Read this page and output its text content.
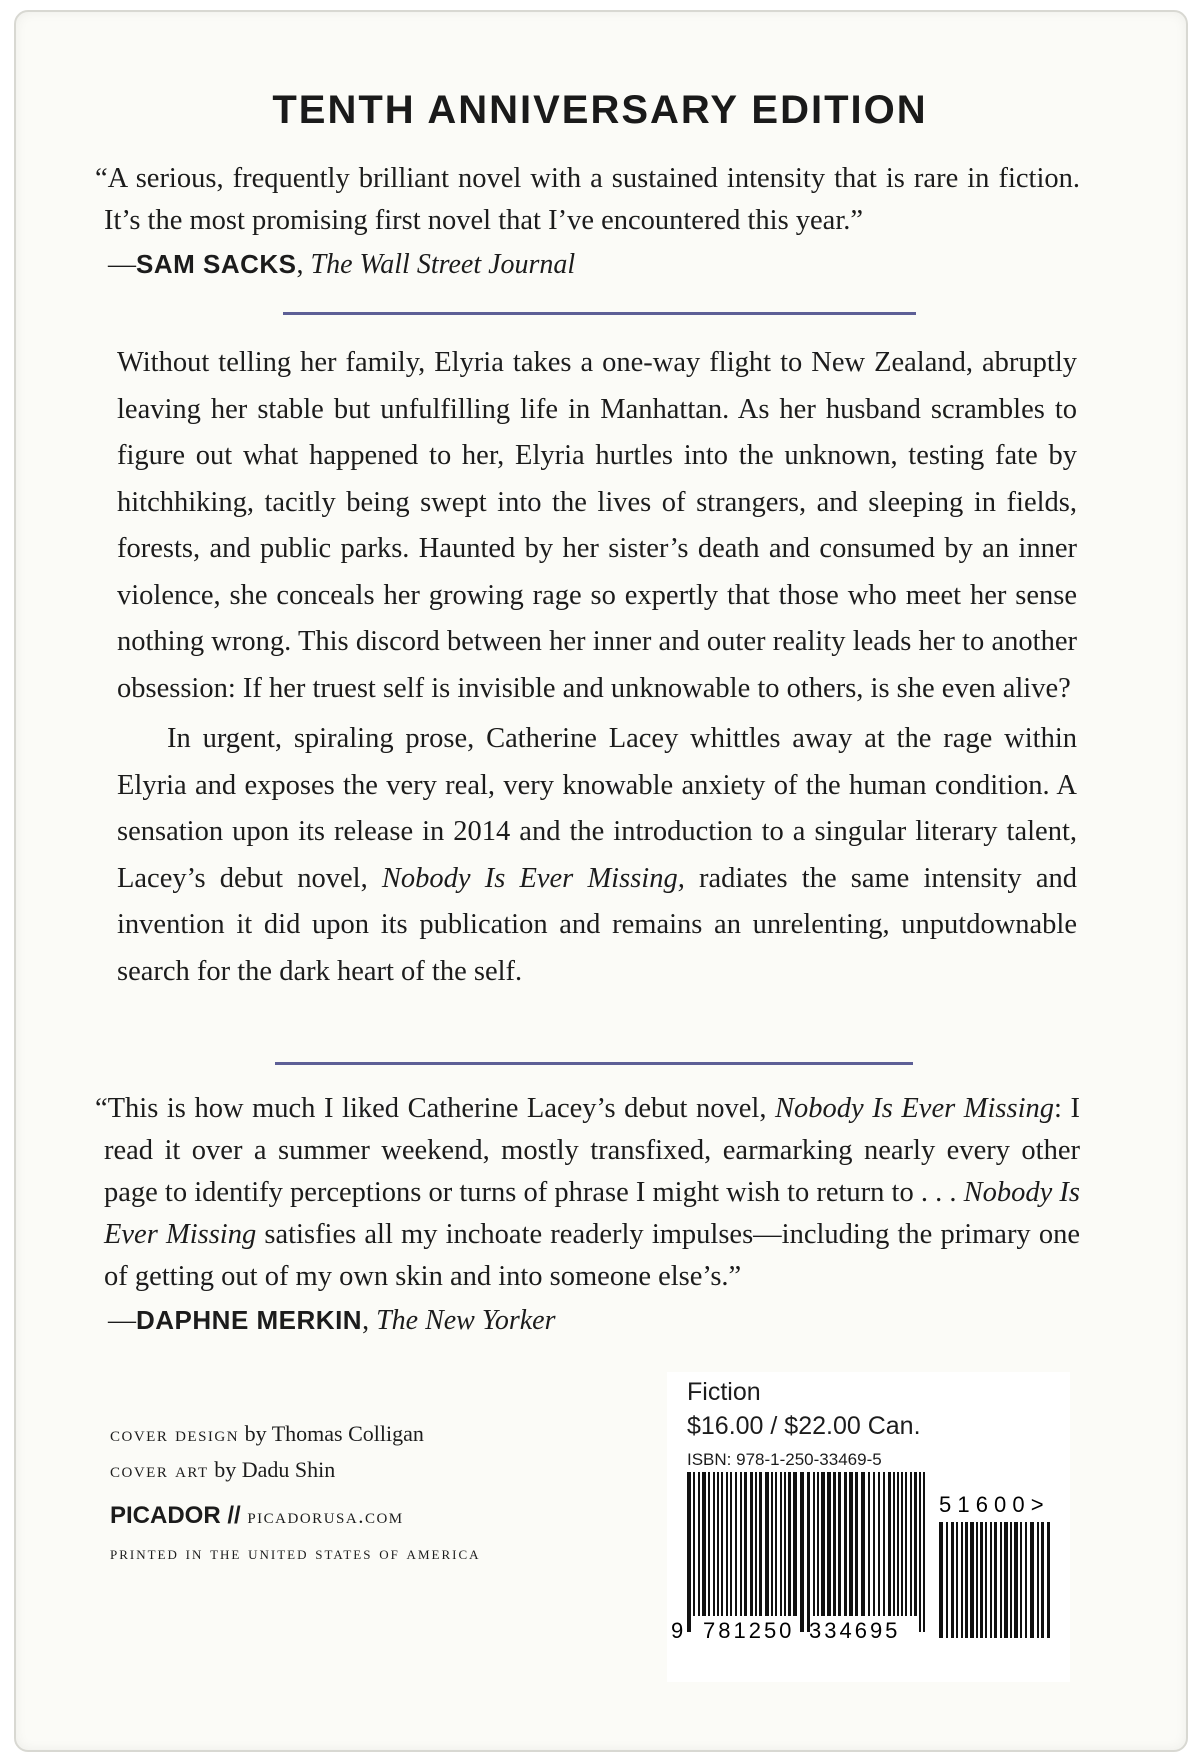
TENTH ANNIVERSARY EDITION
“A serious, frequently brilliant novel with a sustained intensity that is rare in fiction. It’s the most promising first novel that I’ve encountered this year.”
—SAM SACKS, The Wall Street Journal

Without telling her family, Elyria takes a one-way flight to New Zealand, abruptly leaving her stable but unfulfilling life in Manhattan. As her husband scrambles to figure out what happened to her, Elyria hurtles into the unknown, testing fate by hitchhiking, tacitly being swept into the lives of strangers, and sleeping in fields, forests, and public parks. Haunted by her sister’s death and consumed by an inner violence, she conceals her growing rage so expertly that those who meet her sense nothing wrong. This discord between her inner and outer reality leads her to another obsession: If her truest self is invisible and unknowable to others, is she even alive?

In urgent, spiraling prose, Catherine Lacey whittles away at the rage within Elyria and exposes the very real, very knowable anxiety of the human condition. A sensation upon its release in 2014 and the introduction to a singular literary talent, Lacey’s debut novel, Nobody Is Ever Missing, radiates the same intensity and invention it did upon its publication and remains an unrelenting, unputdownable search for the dark heart of the self.

“This is how much I liked Catherine Lacey’s debut novel, Nobody Is Ever Missing: I read it over a summer weekend, mostly transfixed, earmarking nearly every other page to identify perceptions or turns of phrase I might wish to return to . . . Nobody Is Ever Missing satisfies all my inchoate readerly impulses—including the primary one of getting out of my own skin and into someone else’s.”
—DAPHNE MERKIN, The New Yorker
cover design by Thomas Colligan
cover art by Dadu Shin
PICADOR // picadorusa.com
printed in the united states of america
Fiction
$16.00 / $22.00 Can.
ISBN: 978-1-250-33469-5
9 781250 334695
5 1 6 0 0 >
